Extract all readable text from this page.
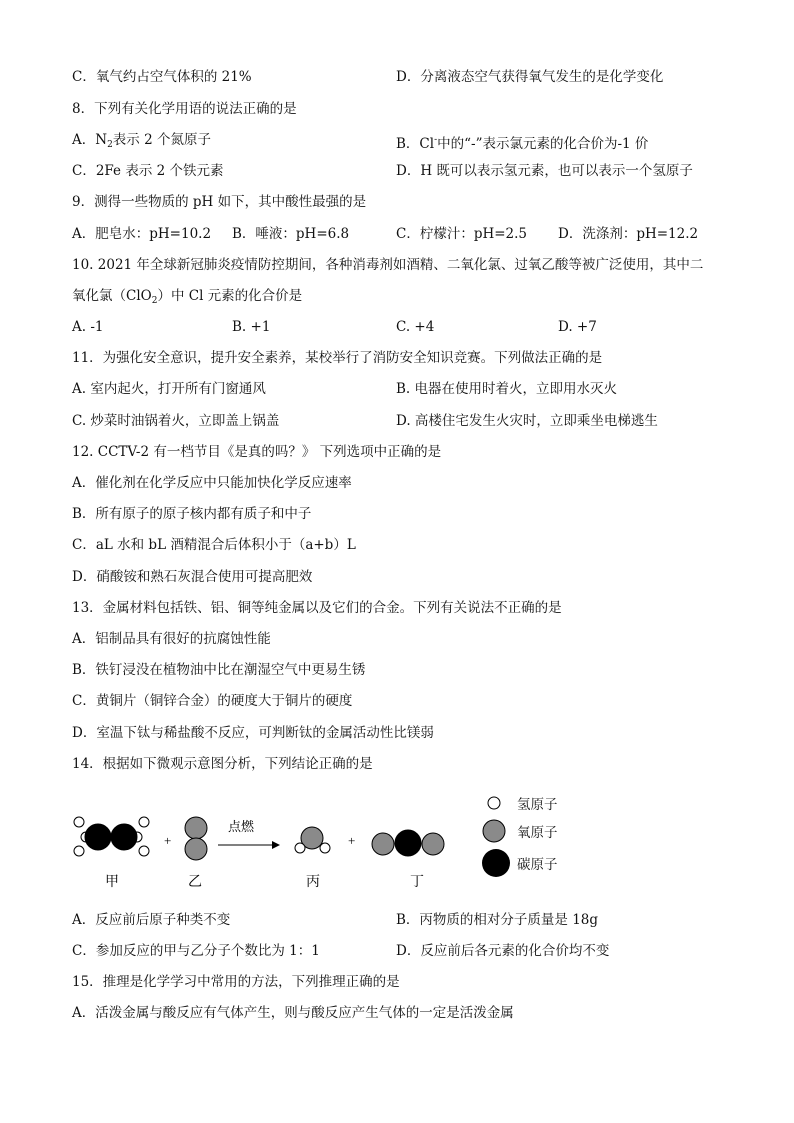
C．氧气约占空气体积的 21%	D．分离液态空气获得氧气发生的是化学变化
8．下列有关化学用语的说法正确的是
A．$N_2$表示 2 个氮原子	B．Cl-中的“-”表示氯元素的化合价为-1 价
C．2Fe 表示 2 个铁元素	D．H 既可以表示氢元素，也可以表示一个氢原子
9．测得一些物质的 pH 如下，其中酸性最强的是
A．肥皂水：pH=10.2 B．唾液：pH=6.8	C．柠檬汁：pH=2.5 D．洗涤剂：pH=12.2
10. 2021 年全球新冠肺炎疫情防控期间，各种消毒剂如酒精、二氧化氯、过氧乙酸等被广泛使用，其中二
氧化氯（ClO$_2$）中 Cl 元素的化合价是
A. -1	B. +1	C. +4	D. +7
11．为强化安全意识，提升安全素养，某校举行了消防安全知识竞赛。下列做法正确的是
A. 室内起火，打开所有门窗通风	B. 电器在使用时着火，立即用水灭火
C. 炒菜时油锅着火，立即盖上锅盖	D. 高楼住宅发生火灾时，立即乘坐电梯逃生
12. CCTV-2 有一档节目《是真的吗？》 下列选项中正确的是
A．催化剂在化学反应中只能加快化学反应速率
B．所有原子的原子核内都有质子和中子
C．aL 水和 bL 酒精混合后体积小于（a+b）L
D．硝酸铵和熟石灰混合使用可提高肥效
13．金属材料包括铁、铝、铜等纯金属以及它们的合金。下列有关说法不正确的是
A．铝制品具有很好的抗腐蚀性能
B．铁钉浸没在植物油中比在潮湿空气中更易生锈
C．黄铜片（铜锌合金）的硬度大于铜片的硬度
D．室温下钛与稀盐酸不反应，可判断钛的金属活动性比镁弱
14．根据如下微观示意图分析，下列结论正确的是
+
点燃
+
甲	乙	丙	丁
氢原子
氧原子
碳原子
A．反应前后原子种类不变	B．丙物质的相对分子质量是 18g
C．参加反应的甲与乙分子个数比为 1：1	D．反应前后各元素的化合价均不变
15．推理是化学学习中常用的方法，下列推理正确的是
A．活泼金属与酸反应有气体产生，则与酸反应产生气体的一定是活泼金属
